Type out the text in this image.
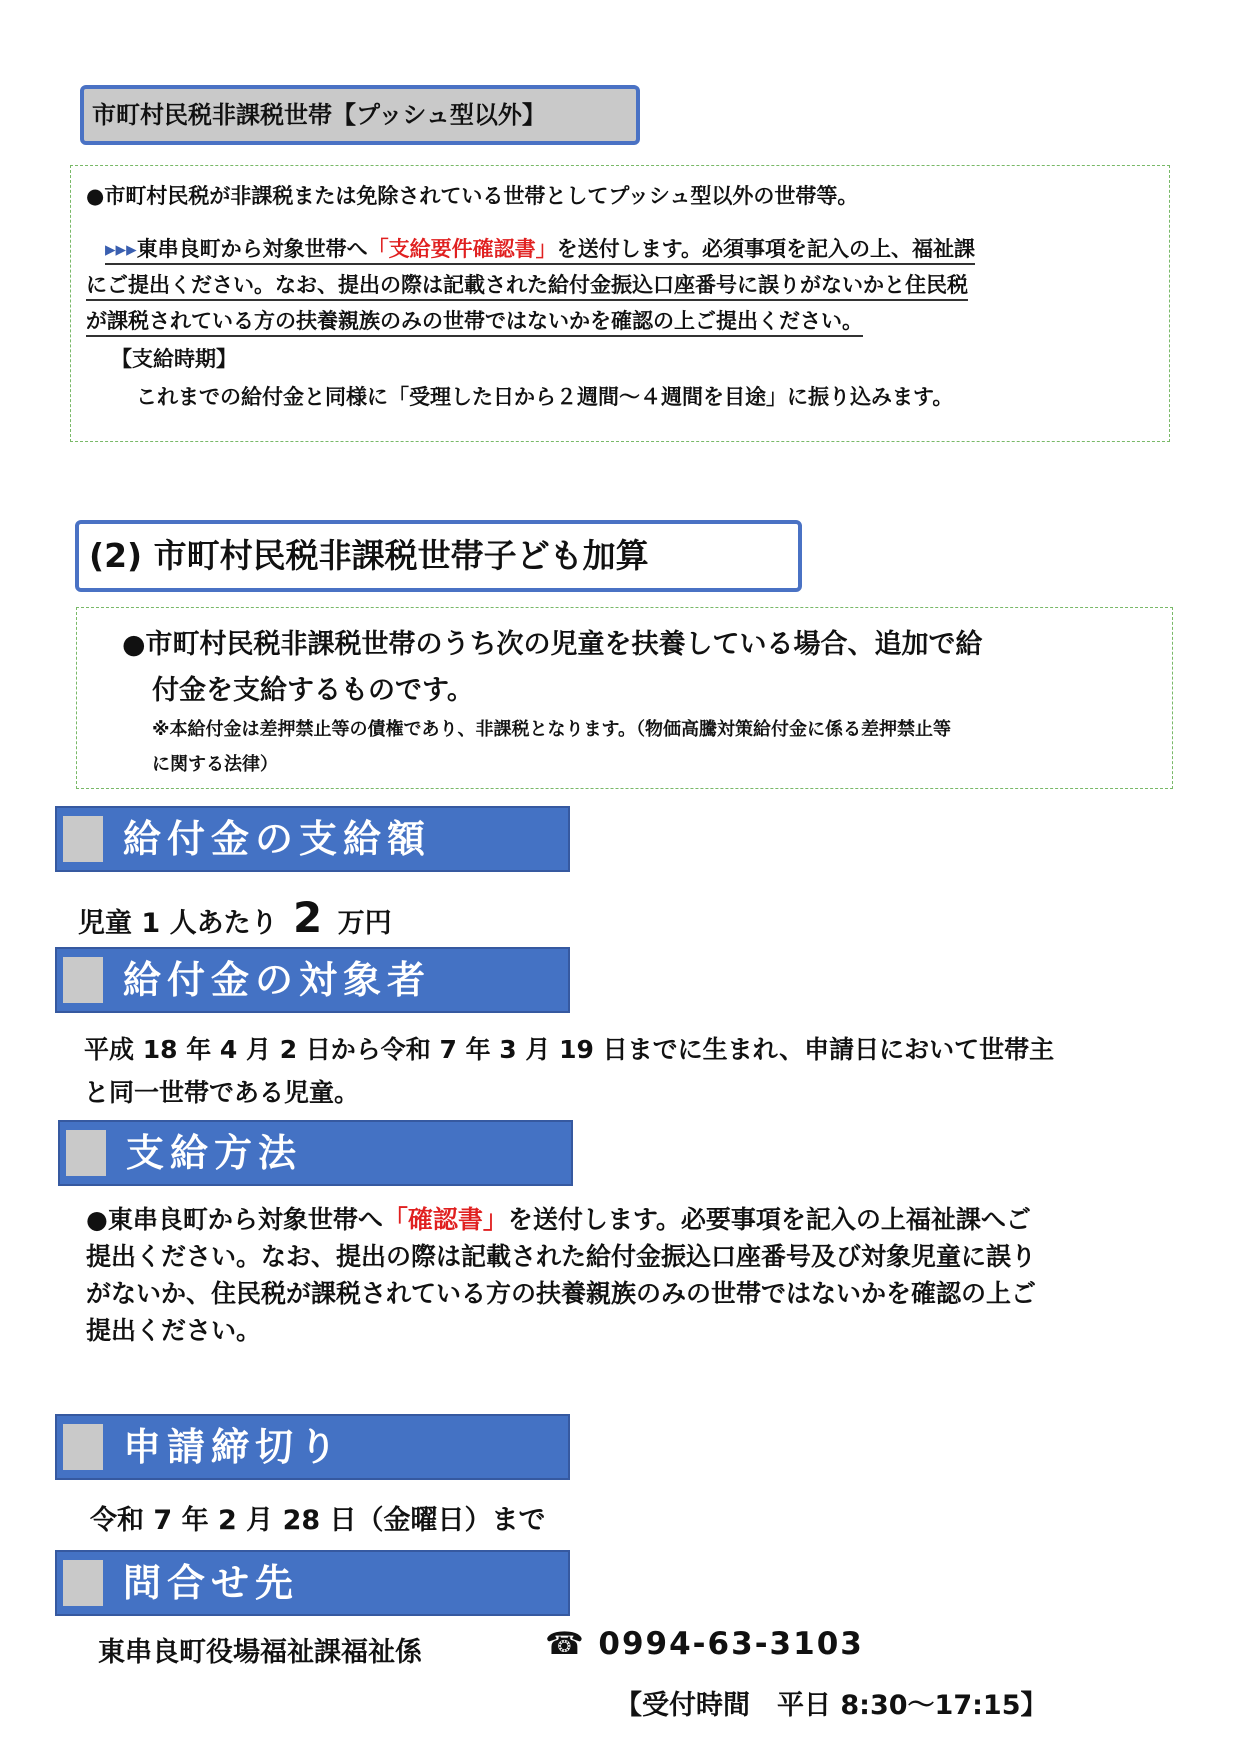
市町村民税非課税世帯【プッシュ型以外】
●市町村民税が非課税または免除されている世帯としてプッシュ型以外の世帯等。
▸▸▸東串良町から対象世帯へ「支給要件確認書」を送付します。必須事項を記入の上、福祉課
にご提出ください。なお、提出の際は記載された給付金振込口座番号に誤りがないかと住民税
が課税されている方の扶養親族のみの世帯ではないかを確認の上ご提出ください。
【支給時期】
これまでの給付金と同様に「受理した日から２週間～４週間を目途」に振り込みます。
(2) 市町村民税非課税世帯子ども加算
●市町村民税非課税世帯のうち次の児童を扶養している場合、追加で給
付金を支給するものです。
※本給付金は差押禁止等の債権であり、非課税となります。（物価高騰対策給付金に係る差押禁止等
に関する法律）
給付金の支給額
児童 1 人あたり 2 万円
給付金の対象者
平成 18 年 4 月 2 日から令和 7 年 3 月 19 日までに生まれ、申請日において世帯主
と同一世帯である児童。
支給方法
●東串良町から対象世帯へ「確認書」を送付します。必要事項を記入の上福祉課へご
提出ください。なお、提出の際は記載された給付金振込口座番号及び対象児童に誤り
がないか、住民税が課税されている方の扶養親族のみの世帯ではないかを確認の上ご
提出ください。
申請締切り
令和 7 年 2 月 28 日（金曜日）まで
問合せ先
東串良町役場福祉課福祉係	☎ 0994-63-3103
【受付時間　平日 8:30～17:15】
